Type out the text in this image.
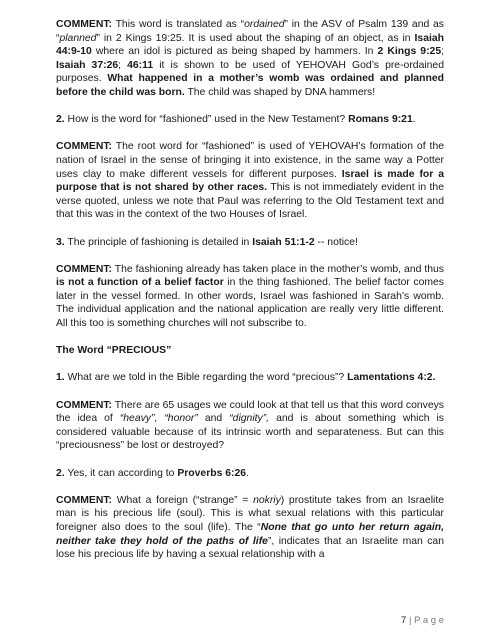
COMMENT: This word is translated as “ordained” in the ASV of Psalm 139 and as “planned” in 2 Kings 19:25. It is used about the shaping of an object, as in Isaiah 44:9-10 where an idol is pictured as being shaped by hammers. In 2 Kings 9:25; Isaiah 37:26; 46:11 it is shown to be used of YEHOVAH God’s pre-ordained purposes. What happened in a mother’s womb was ordained and planned before the child was born. The child was shaped by DNA hammers!

2. How is the word for “fashioned” used in the New Testament? Romans 9:21.

COMMENT: The root word for “fashioned” is used of YEHOVAH’s formation of the nation of Israel in the sense of bringing it into existence, in the same way a Potter uses clay to make different vessels for different purposes. Israel is made for a purpose that is not shared by other races. This is not immediately evident in the verse quoted, unless we note that Paul was referring to the Old Testament text and that this was in the context of the two Houses of Israel.

3. The principle of fashioning is detailed in Isaiah 51:1-2 -- notice!

COMMENT: The fashioning already has taken place in the mother’s womb, and thus is not a function of a belief factor in the thing fashioned. The belief factor comes later in the vessel formed. In other words, Israel was fashioned in Sarah’s womb. The individual application and the national application are really very little different. All this too is something churches will not subscribe to.

The Word “PRECIOUS”

1. What are we told in the Bible regarding the word “precious”? Lamentations 4:2.

COMMENT: There are 65 usages we could look at that tell us that this word conveys the idea of “heavy”, “honor” and “dignity”, and is about something which is considered valuable because of its intrinsic worth and separateness. But can this “preciousness” be lost or destroyed?

2. Yes, it can according to Proverbs 6:26.

COMMENT: What a foreign (“strange” = nokriy) prostitute takes from an Israelite man is his precious life (soul). This is what sexual relations with this particular foreigner also does to the soul (life). The “None that go unto her return again, neither take they hold of the paths of life”, indicates that an Israelite man can lose his precious life by having a sexual relationship with a

7 | P a g e
